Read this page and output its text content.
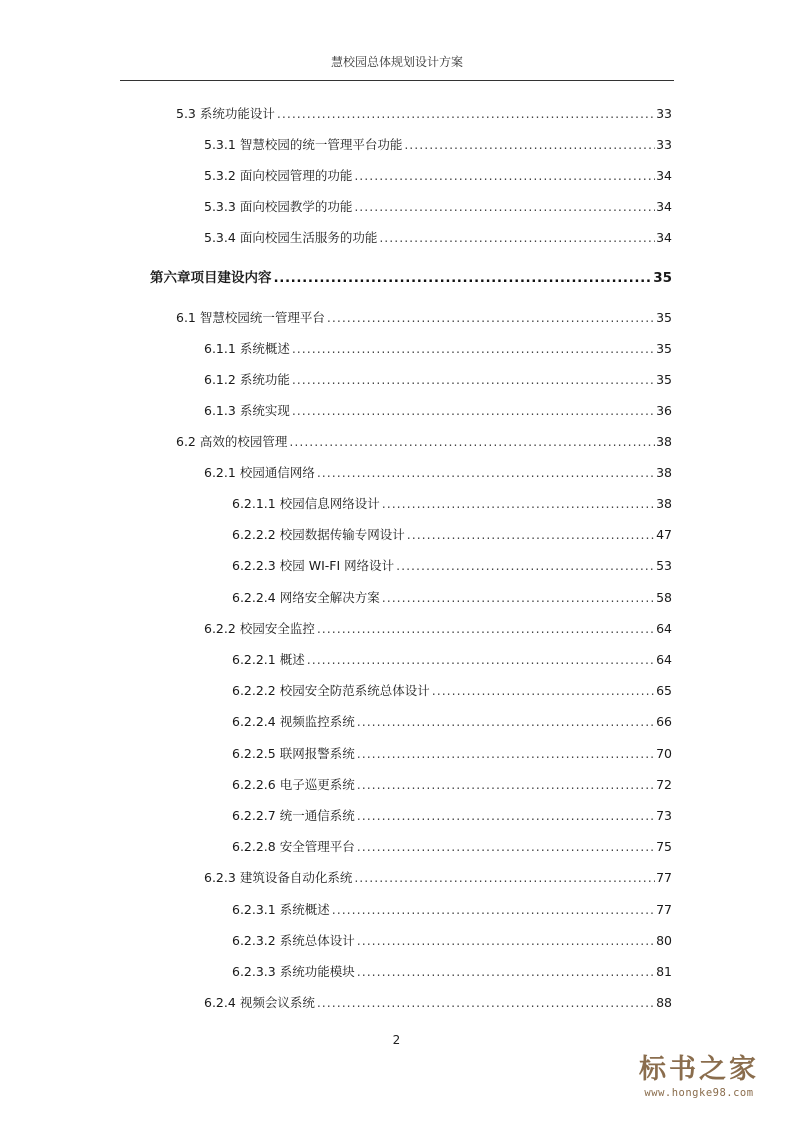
慧校园总体规划设计方案
5.3 系统功能设计 .....	33
5.3.1 智慧校园的统一管理平台功能 .....	33
5.3.2 面向校园管理的功能 .....	34
5.3.3 面向校园教学的功能 .....	34
5.3.4 面向校园生活服务的功能 .....	34
第六章项目建设内容 .....	35
6.1 智慧校园统一管理平台 .....	35
6.1.1 系统概述 .....	35
6.1.2 系统功能 .....	35
6.1.3 系统实现 .....	36
6.2 高效的校园管理 .....	38
6.2.1 校园通信网络 .....	38
6.2.1.1 校园信息网络设计 .....	38
6.2.2.2 校园数据传输专网设计 .....	47
6.2.2.3 校园 WI-FI 网络设计 .....	53
6.2.2.4 网络安全解决方案 .....	58
6.2.2 校园安全监控 .....	64
6.2.2.1 概述 .....	64
6.2.2.2 校园安全防范系统总体设计 .....	65
6.2.2.4 视频监控系统 .....	66
6.2.2.5 联网报警系统 .....	70
6.2.2.6 电子巡更系统 .....	72
6.2.2.7 统一通信系统 .....	73
6.2.2.8 安全管理平台 .....	75
6.2.3 建筑设备自动化系统 .....	77
6.2.3.1 系统概述 .....	77
6.2.3.2 系统总体设计 .....	80
6.2.3.3 系统功能模块 .....	81
6.2.4 视频会议系统 .....	88
2
标书之家
www.hongke98.com
